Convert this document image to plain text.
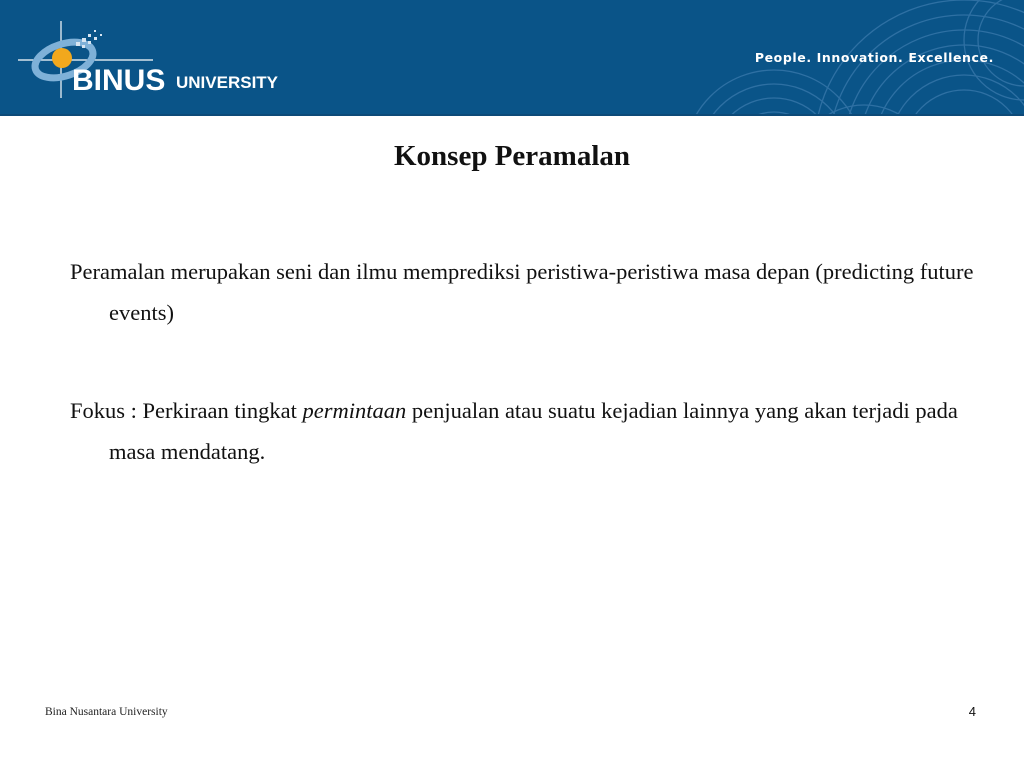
BINUS UNIVERSITY
People. Innovation. Excellence.
Konsep Peramalan
Peramalan merupakan seni dan ilmu memprediksi peristiwa-peristiwa masa depan (predicting future events)
Fokus : Perkiraan tingkat permintaan penjualan atau suatu kejadian lainnya yang akan terjadi pada masa mendatang.
Bina Nusantara University	4
